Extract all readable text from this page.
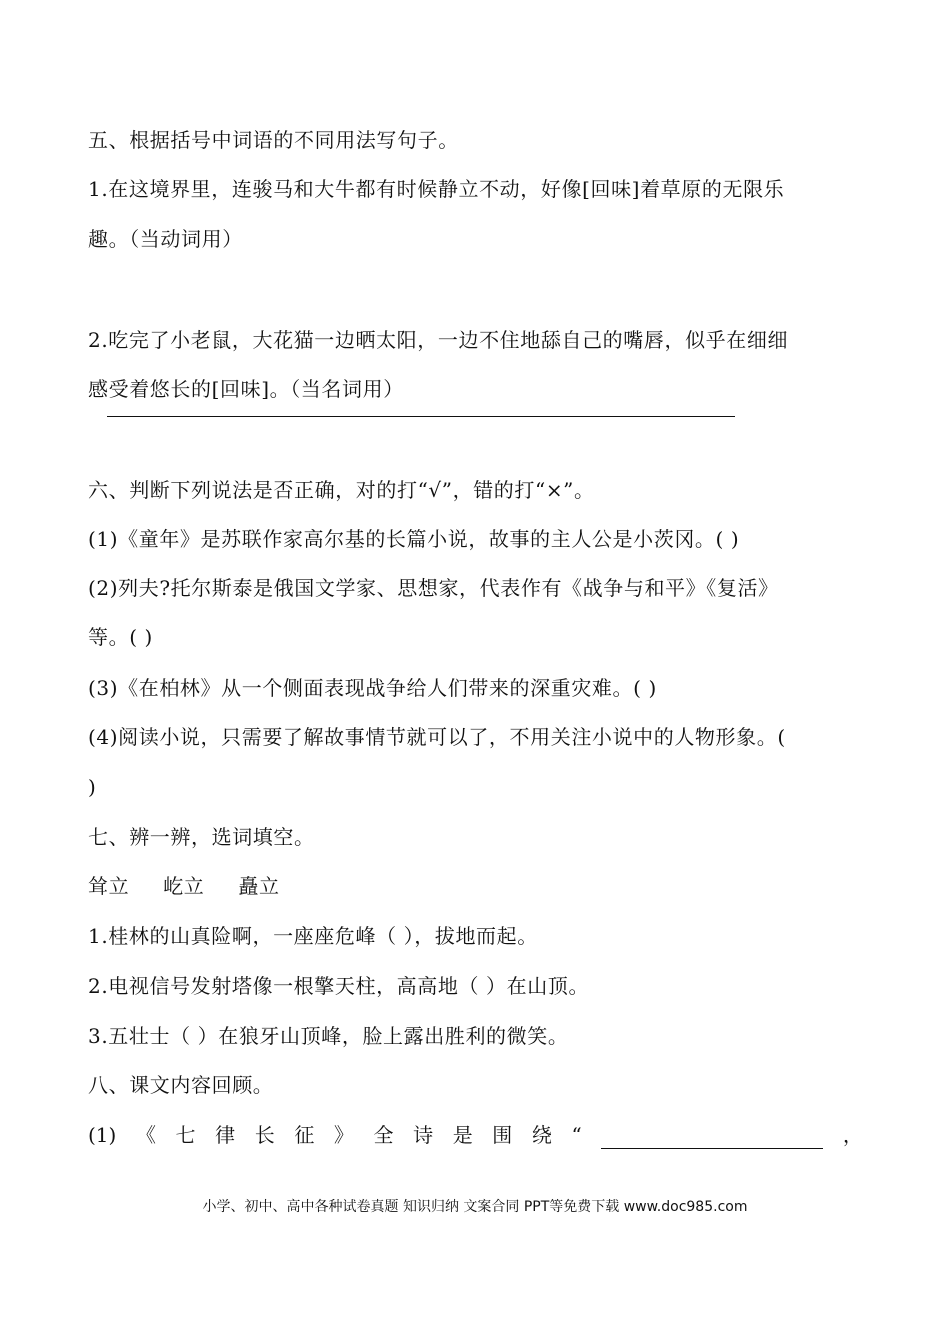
五、根据括号中词语的不同用法写句子。
1.在这境界里，连骏马和大牛都有时候静立不动，好像[回味]着草原的无限乐
趣。（当动词用）
2.吃完了小老鼠，大花猫一边晒太阳，一边不住地舔自己的嘴唇，似乎在细细
感受着悠长的[回味]。（当名词用）
六、判断下列说法是否正确，对的打“√”，错的打“×”。
(1)《童年》是苏联作家高尔基的长篇小说，故事的主人公是小茨冈。( )
(2)列夫?托尔斯泰是俄国文学家、思想家，代表作有《战争与和平》《复活》
等。( )
(3)《在柏林》从一个侧面表现战争给人们带来的深重灾难。( )
(4)阅读小说，只需要了解故事情节就可以了，不用关注小说中的人物形象。(
)
七、辨一辨，选词填空。
耸立 屹立 矗立
1.桂林的山真险啊，一座座危峰（ ），拔地而起。
2.电视信号发射塔像一根擎天柱，高高地（ ）在山顶。
3.五壮士（ ）在狼牙山顶峰，脸上露出胜利的微笑。
八、课文内容回顾。
(1) 《 七 律 长 征 》 全 诗 是 围 绕 “	，
小学、初中、高中各种试卷真题 知识归纳 文案合同 PPT等免费下载 www.doc985.com
